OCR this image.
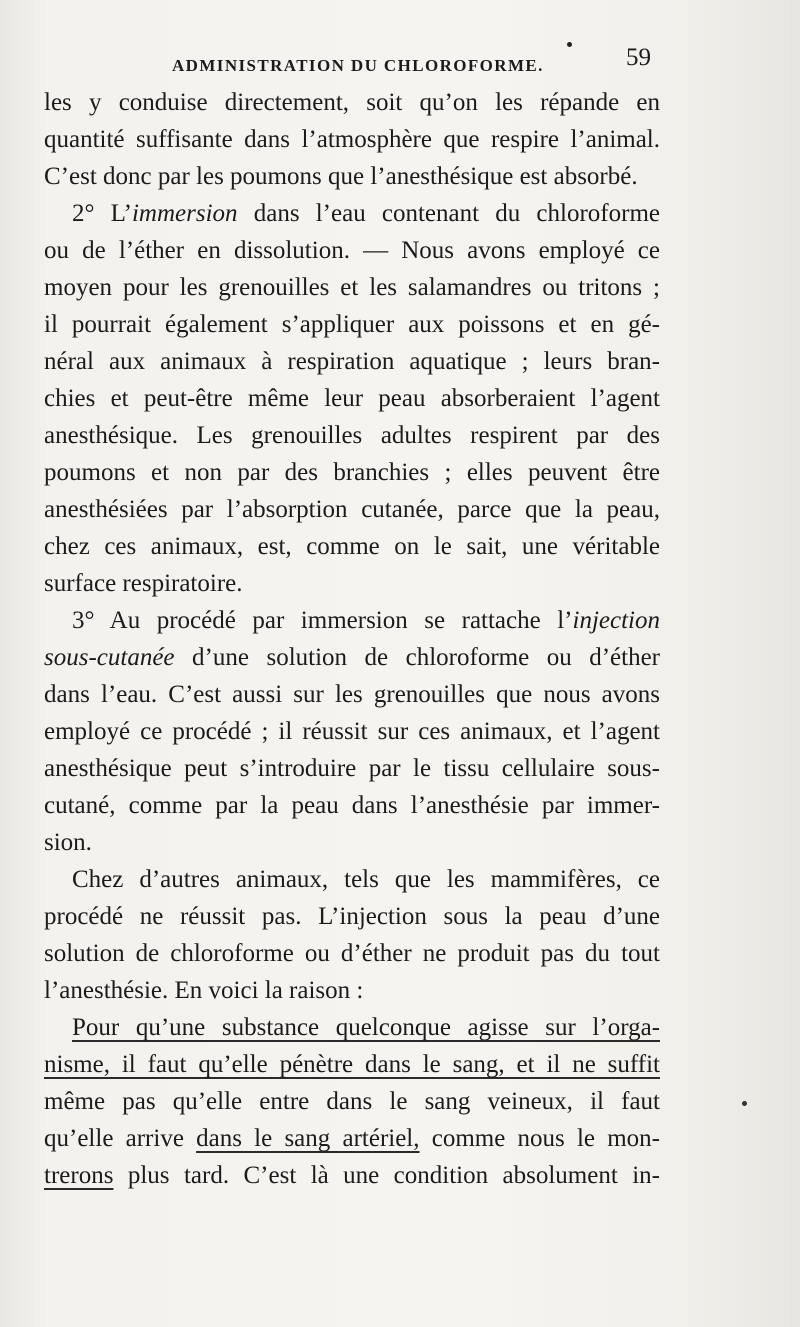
ADMINISTRATION DU CHLOROFORME.	59
les y conduise directement, soit qu’on les répande en
quantité suffisante dans l’atmosphère que respire l’animal.
C’est donc par les poumons que l’anesthésique est absorbé.
2° L’immersion dans l’eau contenant du chloroforme
ou de l’éther en dissolution. — Nous avons employé ce
moyen pour les grenouilles et les salamandres ou tritons ;
il pourrait également s’appliquer aux poissons et en gé-
néral aux animaux à respiration aquatique ; leurs bran-
chies et peut-être même leur peau absorberaient l’agent
anesthésique. Les grenouilles adultes respirent par des
poumons et non par des branchies ; elles peuvent être
anesthésiées par l’absorption cutanée, parce que la peau,
chez ces animaux, est, comme on le sait, une véritable
surface respiratoire.
3° Au procédé par immersion se rattache l’injection
sous-cutanée d’une solution de chloroforme ou d’éther
dans l’eau. C’est aussi sur les grenouilles que nous avons
employé ce procédé ; il réussit sur ces animaux, et l’agent
anesthésique peut s’introduire par le tissu cellulaire sous-
cutané, comme par la peau dans l’anesthésie par immer-
sion.
Chez d’autres animaux, tels que les mammifères, ce
procédé ne réussit pas. L’injection sous la peau d’une
solution de chloroforme ou d’éther ne produit pas du tout
l’anesthésie. En voici la raison :
Pour qu’une substance quelconque agisse sur l’orga-
nisme, il faut qu’elle pénètre dans le sang, et il ne suffit
même pas qu’elle entre dans le sang veineux, il faut
qu’elle arrive dans le sang artériel, comme nous le mon-
trerons plus tard. C’est là une condition absolument in-
